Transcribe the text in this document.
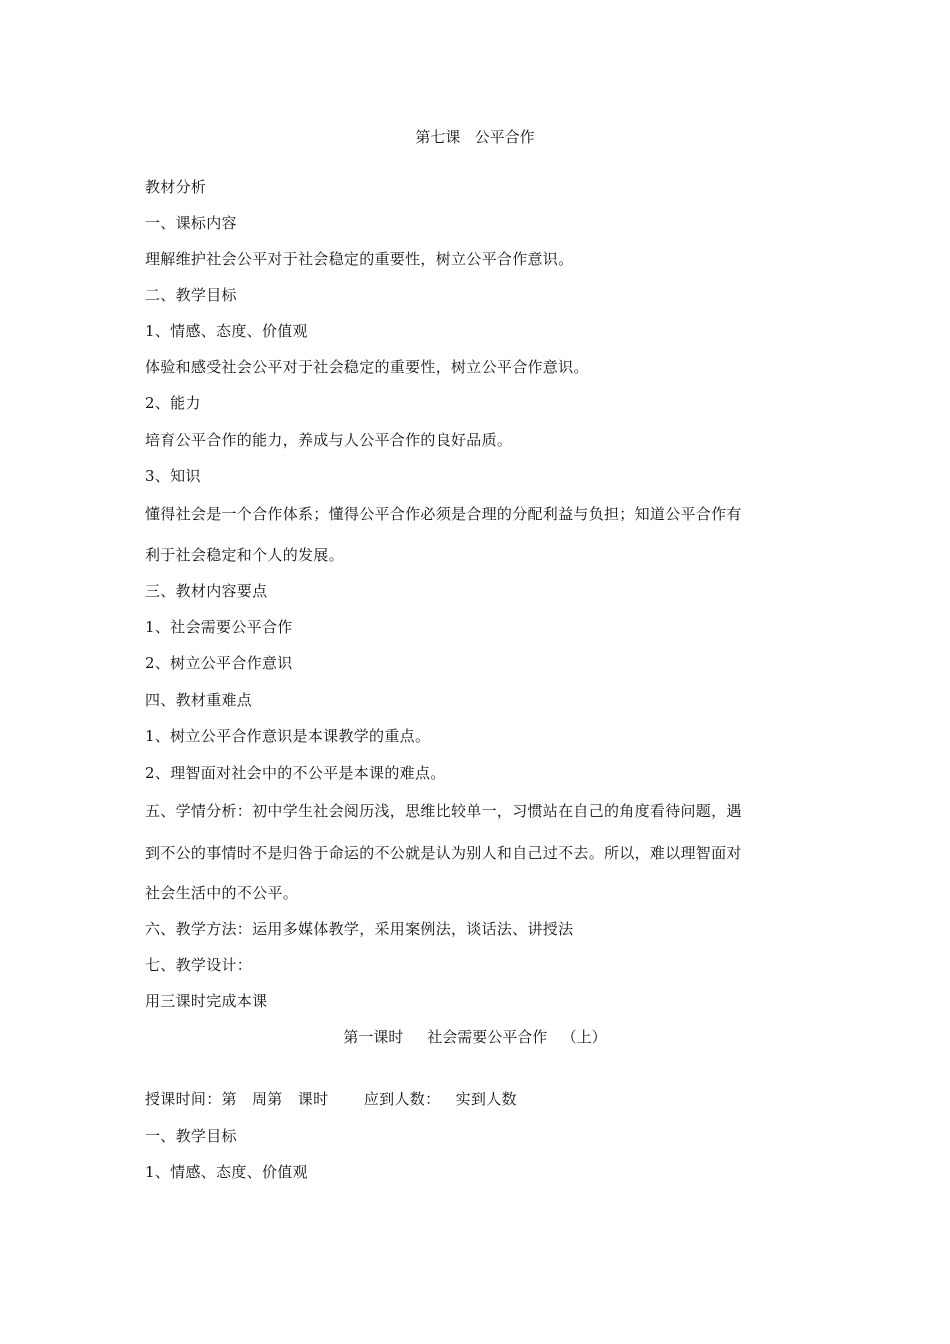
第七课   公平合作
教材分析
一、课标内容
理解维护社会公平对于社会稳定的重要性，树立公平合作意识。
二、教学目标
1、情感、态度、价值观
体验和感受社会公平对于社会稳定的重要性，树立公平合作意识。
2、能力
培育公平合作的能力，养成与人公平合作的良好品质。
3、知识
懂得社会是一个合作体系；懂得公平合作必须是合理的分配利益与负担；知道公平合作有
利于社会稳定和个人的发展。
三、教材内容要点
1、社会需要公平合作
2、树立公平合作意识
四、教材重难点
1、树立公平合作意识是本课教学的重点。
2、理智面对社会中的不公平是本课的难点。
五、学情分析：初中学生社会阅历浅，思维比较单一，习惯站在自己的角度看待问题，遇
到不公的事情时不是归咎于命运的不公就是认为别人和自己过不去。所以，难以理智面对
社会生活中的不公平。
六、教学方法：运用多媒体教学，采用案例法，谈话法、讲授法
七、教学设计：
用三课时完成本课
第一课时     社会需要公平合作   （上）
授课时间：第   周第   课时       应到人数：   实到人数
一、教学目标
1、情感、态度、价值观
